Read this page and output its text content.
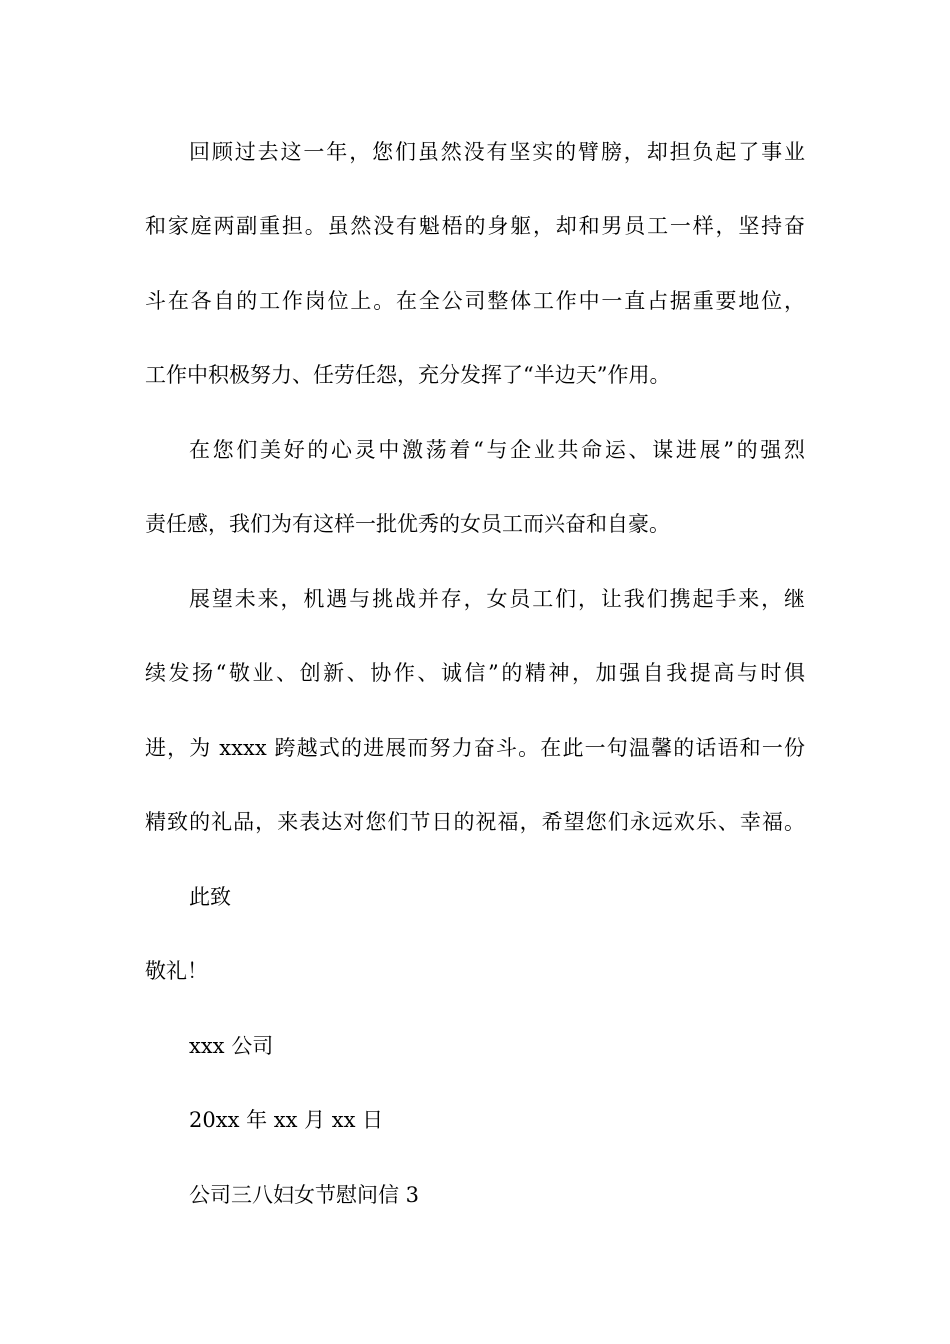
回顾过去这一年，您们虽然没有坚实的臂膀，却担负起了事业
和家庭两副重担。虽然没有魁梧的身躯，却和男员工一样，坚持奋
斗在各自的工作岗位上。在全公司整体工作中一直占据重要地位，
工作中积极努力、任劳任怨，充分发挥了“半边天”作用。
在您们美好的心灵中激荡着“与企业共命运、谋进展”的强烈
责任感，我们为有这样一批优秀的女员工而兴奋和自豪。
展望未来，机遇与挑战并存，女员工们，让我们携起手来，继
续发扬“敬业、创新、协作、诚信”的精神，加强自我提高与时俱
进，为 xxxx 跨越式的进展而努力奋斗。在此一句温馨的话语和一份
精致的礼品，来表达对您们节日的祝福，希望您们永远欢乐、幸福。
此致
敬礼！
xxx 公司
20xx 年 xx 月 xx 日
公司三八妇女节慰问信 3
